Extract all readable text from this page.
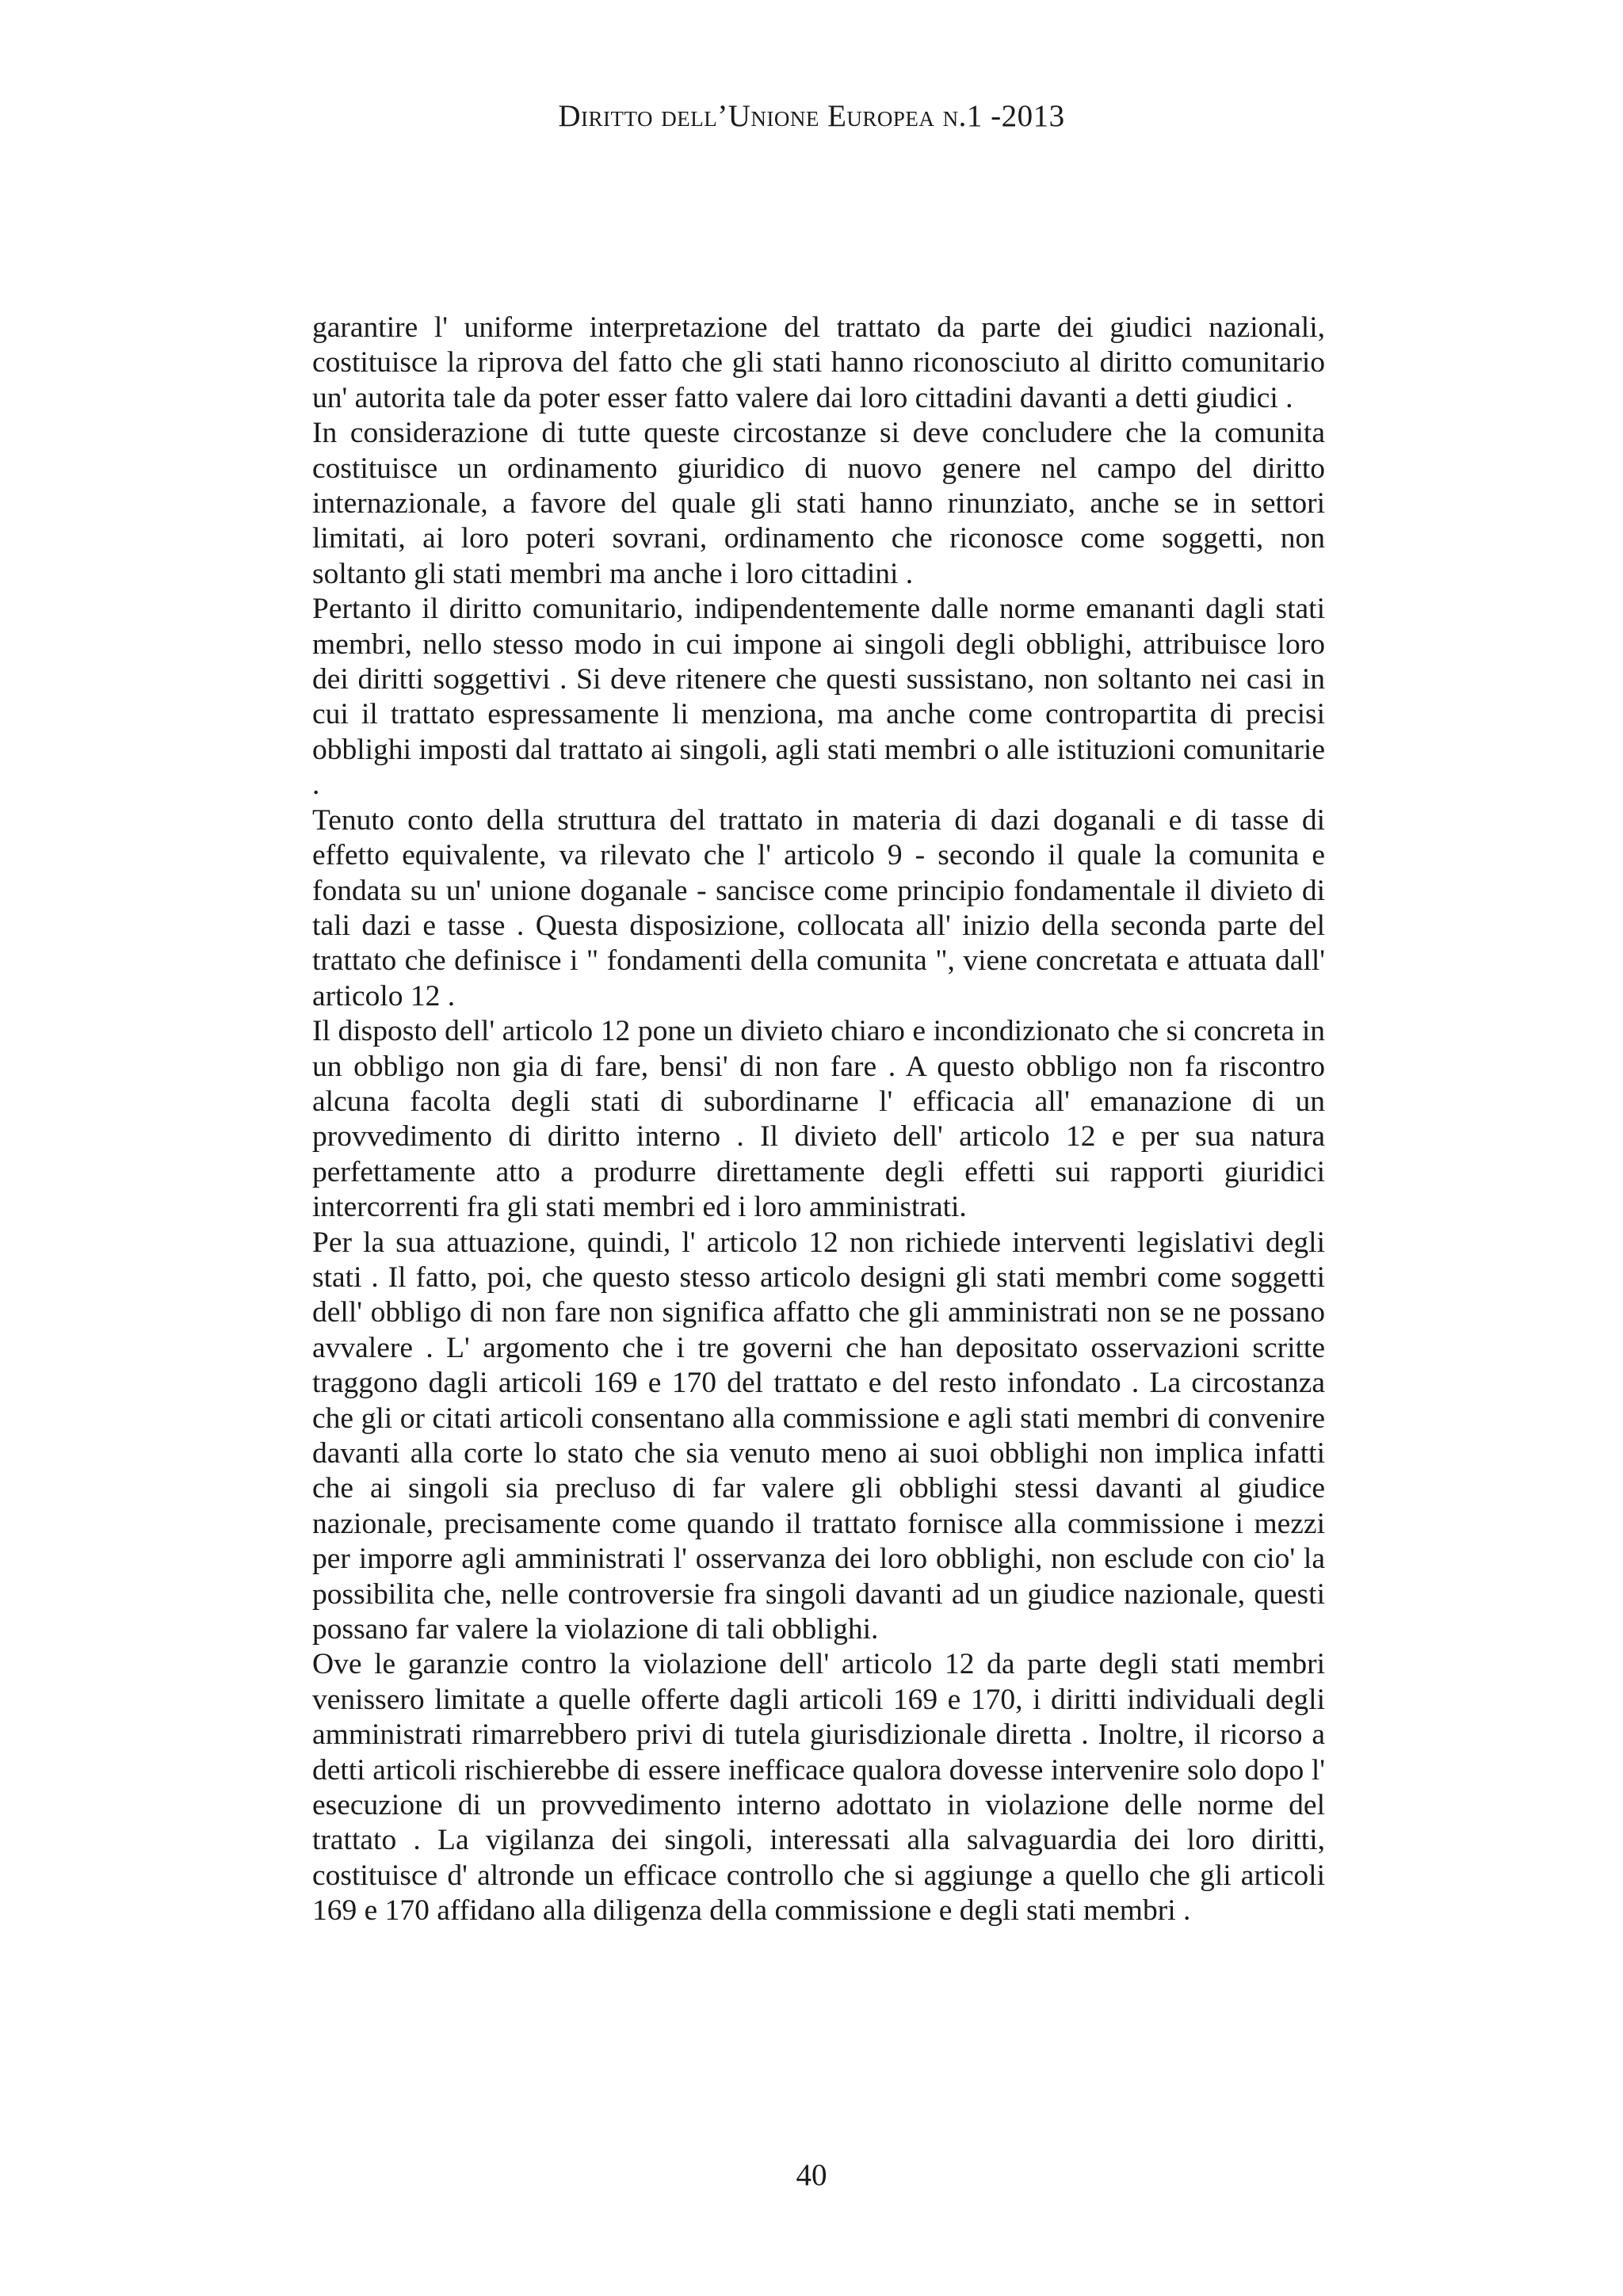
Diritto dell’Unione Europea n.1 -2013

garantire l' uniforme interpretazione del trattato da parte dei giudici nazionali, costituisce la riprova del fatto che gli stati hanno riconosciuto al diritto comunitario un' autorita tale da poter esser fatto valere dai loro cittadini davanti a detti giudici .

In considerazione di tutte queste circostanze si deve concludere che la comunita costituisce un ordinamento giuridico di nuovo genere nel campo del diritto internazionale, a favore del quale gli stati hanno rinunziato, anche se in settori limitati, ai loro poteri sovrani, ordinamento che riconosce come soggetti, non soltanto gli stati membri ma anche i loro cittadini .

Pertanto il diritto comunitario, indipendentemente dalle norme emananti dagli stati membri, nello stesso modo in cui impone ai singoli degli obblighi, attribuisce loro dei diritti soggettivi . Si deve ritenere che questi sussistano, non soltanto nei casi in cui il trattato espressamente li menziona, ma anche come contropartita di precisi obblighi imposti dal trattato ai singoli, agli stati membri o alle istituzioni comunitarie .

Tenuto conto della struttura del trattato in materia di dazi doganali e di tasse di effetto equivalente, va rilevato che l' articolo 9 - secondo il quale la comunita e fondata su un' unione doganale - sancisce come principio fondamentale il divieto di tali dazi e tasse . Questa disposizione, collocata all' inizio della seconda parte del trattato che definisce i " fondamenti della comunita ", viene concretata e attuata dall' articolo 12 .

Il disposto dell' articolo 12 pone un divieto chiaro e incondizionato che si concreta in un obbligo non gia di fare, bensi' di non fare . A questo obbligo non fa riscontro alcuna facolta degli stati di subordinarne l' efficacia all' emanazione di un provvedimento di diritto interno . Il divieto dell' articolo 12 e per sua natura perfettamente atto a produrre direttamente degli effetti sui rapporti giuridici intercorrenti fra gli stati membri ed i loro amministrati.

Per la sua attuazione, quindi, l' articolo 12 non richiede interventi legislativi degli stati . Il fatto, poi, che questo stesso articolo designi gli stati membri come soggetti dell' obbligo di non fare non significa affatto che gli amministrati non se ne possano avvalere . L' argomento che i tre governi che han depositato osservazioni scritte traggono dagli articoli 169 e 170 del trattato e del resto infondato . La circostanza che gli or citati articoli consentano alla commissione e agli stati membri di convenire davanti alla corte lo stato che sia venuto meno ai suoi obblighi non implica infatti che ai singoli sia precluso di far valere gli obblighi stessi davanti al giudice nazionale, precisamente come quando il trattato fornisce alla commissione i mezzi per imporre agli amministrati l' osservanza dei loro obblighi, non esclude con cio' la possibilita che, nelle controversie fra singoli davanti ad un giudice nazionale, questi possano far valere la violazione di tali obblighi.

Ove le garanzie contro la violazione dell' articolo 12 da parte degli stati membri venissero limitate a quelle offerte dagli articoli 169 e 170, i diritti individuali degli amministrati rimarrebbero privi di tutela giurisdizionale diretta . Inoltre, il ricorso a detti articoli rischierebbe di essere inefficace qualora dovesse intervenire solo dopo l' esecuzione di un provvedimento interno adottato in violazione delle norme del trattato . La vigilanza dei singoli, interessati alla salvaguardia dei loro diritti, costituisce d' altronde un efficace controllo che si aggiunge a quello che gli articoli 169 e 170 affidano alla diligenza della commissione e degli stati membri .

40
